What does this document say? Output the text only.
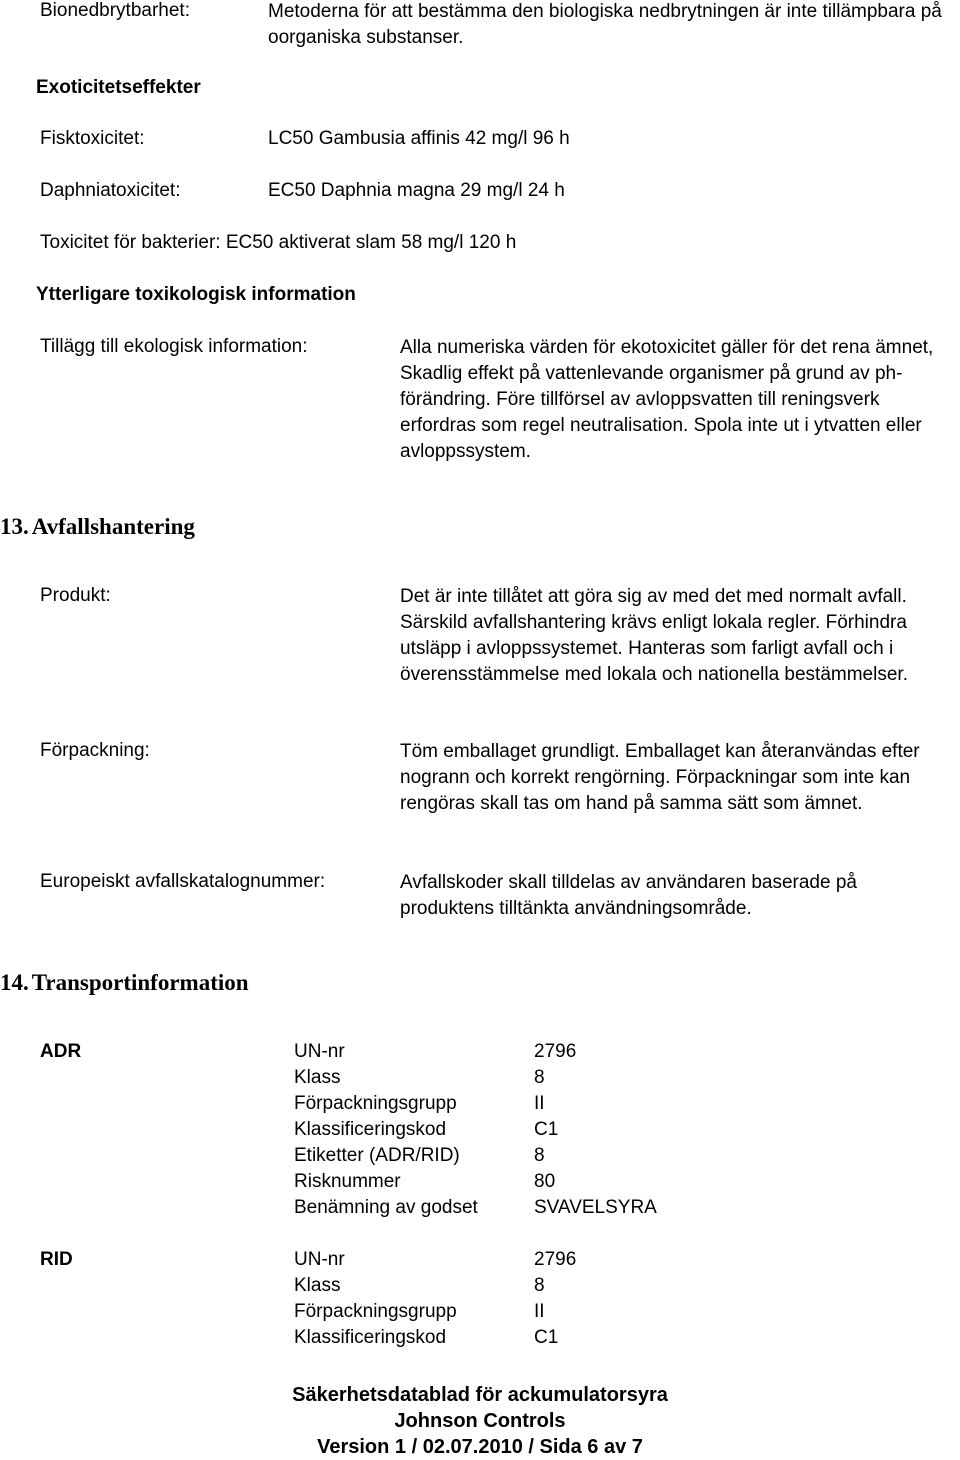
Bionedbrytbarhet:	Metoderna för att bestämma den biologiska nedbrytningen är inte tillämpbara på oorganiska substanser.
Exoticitetseffekter
Fisktoxicitet:	LC50 Gambusia affinis 42 mg/l 96 h
Daphniatoxicitet:	EC50 Daphnia magna 29 mg/l 24 h
Toxicitet för bakterier: EC50 aktiverat slam 58 mg/l 120 h
Ytterligare toxikologisk information
Tillägg till ekologisk information:	Alla numeriska värden för ekotoxicitet gäller för det rena ämnet, Skadlig effekt på vattenlevande organismer på grund av ph-förändring. Före tillförsel av avloppsvatten till reningsverk erfordras som regel neutralisation. Spola inte ut i ytvatten eller avloppssystem.
13. Avfallshantering
Produkt:	Det är inte tillåtet att göra sig av med det med normalt avfall. Särskild avfallshantering krävs enligt lokala regler. Förhindra utsläpp i avloppssystemet. Hanteras som farligt avfall och i överensstämmelse med lokala och nationella bestämmelser.
Förpackning:	Töm emballaget grundligt. Emballaget kan återanvändas efter nogrann och korrekt rengörning. Förpackningar som inte kan rengöras skall tas om hand på samma sätt som ämnet.
Europeiskt avfallskatalognummer:	Avfallskoder skall tilldelas av användaren baserade på produktens tilltänkta användningsområde.
14. Transportinformation
ADR	UN-nr	2796
Klass	8
Förpackningsgrupp	II
Klassificeringskod	C1
Etiketter (ADR/RID)	8
Risknummer	80
Benämning av godset	SVAVELSYRA
RID	UN-nr	2796
Klass	8
Förpackningsgrupp	II
Klassificeringskod	C1
Säkerhetsdatablad för ackumulatorsyra
Johnson Controls
Version 1 / 02.07.2010 / Sida 6 av 7
